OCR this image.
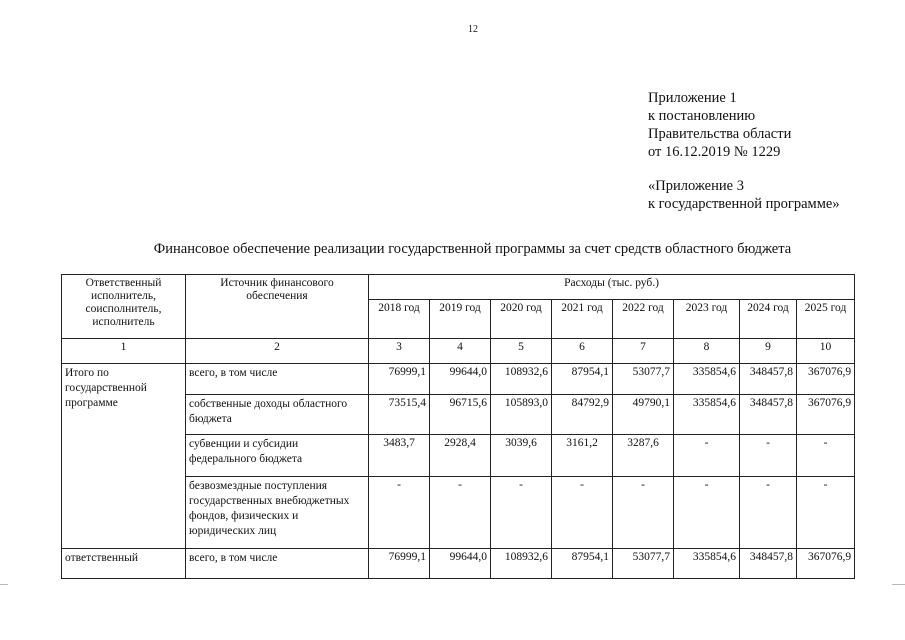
12
Приложение 1
к постановлению
Правительства области
от 16.12.2019 № 1229
«Приложение 3
к государственной программе»
Финансовое обеспечение реализации государственной программы за счет средств областного бюджета
Ответственный исполнитель, соисполнитель, исполнитель	Источник финансового обеспечения	Расходы (тыс. руб.)							
		2018 год	2019 год	2020 год	2021 год	2022 год	2023 год	2024 год	2025 год
1	2	3	4	5	6	7	8	9	10
Итого по государственной программе	всего, в том числе	76999,1	99644,0	108932,6	87954,1	53077,7	335854,6	348457,8	367076,9
	собственные доходы областного бюджета	73515,4	96715,6	105893,0	84792,9	49790,1	335854,6	348457,8	367076,9
	субвенции и субсидии федерального бюджета	3483,7	2928,4	3039,6	3161,2	3287,6	-	-	-
	безвозмездные поступления государственных внебюджетных фондов, физических и юридических лиц	-	-	-	-	-	-	-	-
ответственный	всего, в том числе	76999,1	99644,0	108932,6	87954,1	53077,7	335854,6	348457,8	367076,9
